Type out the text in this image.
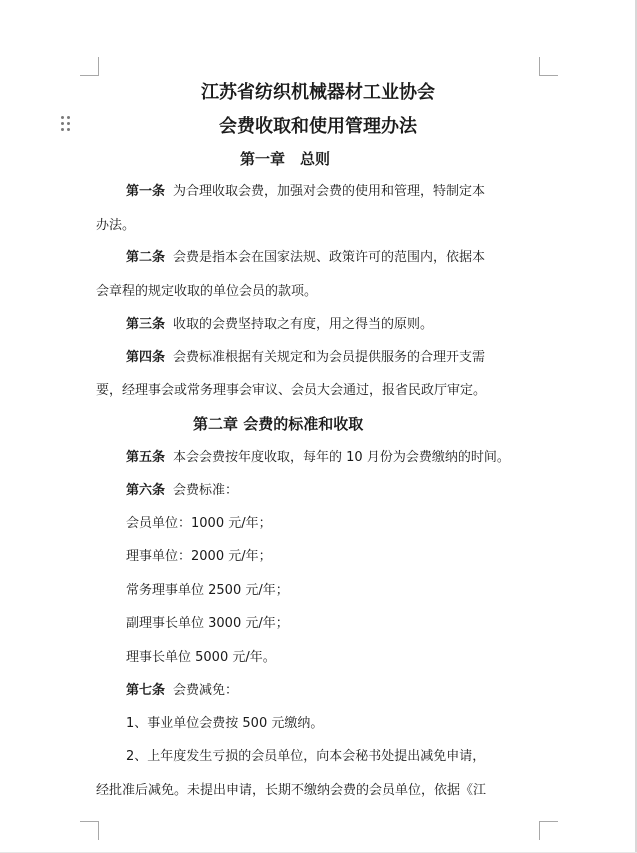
江苏省纺织机械器材工业协会
会费收取和使用管理办法
第一章　总则
第一条 为合理收取会费，加强对会费的使用和管理，特制定本
办法。
第二条 会费是指本会在国家法规、政策许可的范围内，依据本
会章程的规定收取的单位会员的款项。
第三条 收取的会费坚持取之有度，用之得当的原则。
第四条 会费标准根据有关规定和为会员提供服务的合理开支需
要，经理事会或常务理事会审议、会员大会通过，报省民政厅审定。
第二章 会费的标准和收取
第五条 本会会费按年度收取，每年的 10 月份为会费缴纳的时间。
第六条 会费标准：
会员单位：1000 元/年；
理事单位：2000 元/年；
常务理事单位 2500 元/年；
副理事长单位 3000 元/年；
理事长单位 5000 元/年。
第七条 会费减免：
1、事业单位会费按 500 元缴纳。
2、上年度发生亏损的会员单位，向本会秘书处提出减免申请，
经批准后减免。未提出申请，长期不缴纳会费的会员单位，依据《江
